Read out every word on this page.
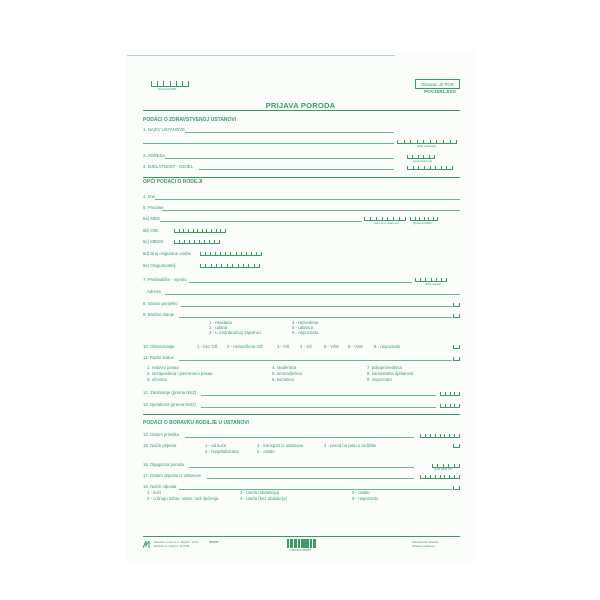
Naručitelj RBR
Obrazac JZ POR
POVJERLJIVO
PRIJAVA PORODA
PODACI O ZDRAVSTVENOJ USTANOVI
1. NAZIV USTANOVE
(šifra ustanove)
2. ADRESA
(poštanski broj)
3. DJELATNOST - ODJEL
OPĆI PODACI O RODILJI
4. Ime
5. Prezime
6a) MBG
(redni broj ustanove)	(spremiti MBG)
6b) OIB
6c) MBOO
6d) Broj osigurane osobe
6e) Osiguravatelj
7. Prebivalište - mjesto
(šifra mjesta)
Adresa
8. Strano porijeklo
9. Bračno stanje
1 - neudana
2 - udana
3 - u izvanbračnoj zajednici
4 - razvedena
5 - udovica
6 - nepoznato
10. Obrazovanje	1 - bez OŠ 2 - nezavršena OŠ	3 - OŠ 4 - SŠ	5 - VŠS 6 - VSS	9 - nepoznato
11. Radni status
1. redovni posao
2. nezaposlena i povremeni posao
3. učenica
4. studentica
5. umirovljenica
6. kućanica
7. poljoprivrednica
8. samostalna djelatnost
9. nepoznato
12. Zanimanje (prema NKZ)
13. Djelatnost (prema NKD)
PODACI O BORAVKU RODILJE U USTANOVI
14. Datum primitka
15. Način prijema	1 - od kuće
2 - hospitalizirana
3 - transport iz ustanove	4 - porod na putu u rodilište
5 - ostalo
16. Dijagnoza poroda
(šifra MKB 10)
17. Datum otpusta iz ustanove
18. Način otpusta
1 - kući
2 - u drugu zdrav. ustan. radi liječenja
3 - umrla (obdukcija)
4 - umrla (bez obdukcije)
5 - ostalo
9 - nepoznato
Narodne novine d.d., Zagreb - 2011
Obrazac je zaštićen JZ POR
031596
3 850004 005683
Potpis/pečat zdravstv.
Obrazac ustanove
